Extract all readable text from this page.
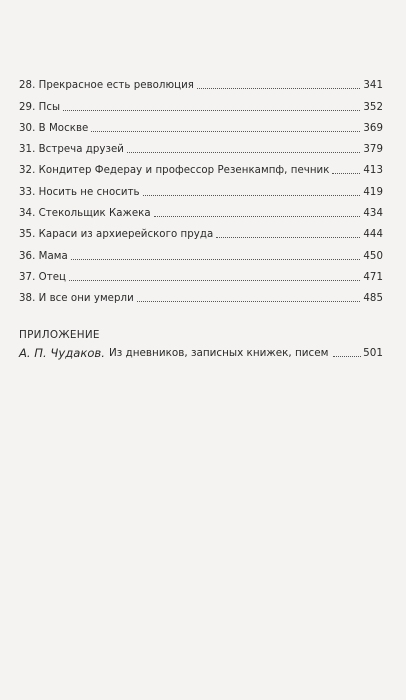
28. Прекрасное есть революция	341
29. Псы	352
30. В Москве	369
31. Встреча друзей	379
32. Кондитер Федерау и профессор Резенкампф, печник	413
33. Носить не сносить	419
34. Стекольщик Кажека	434
35. Караси из архиерейского пруда	444
36. Мама	450
37. Отец	471
38. И все они умерли	485
ПРИЛОЖЕНИЕ
А. П. Чудаков. Из дневников, записных книжек, писем	501
